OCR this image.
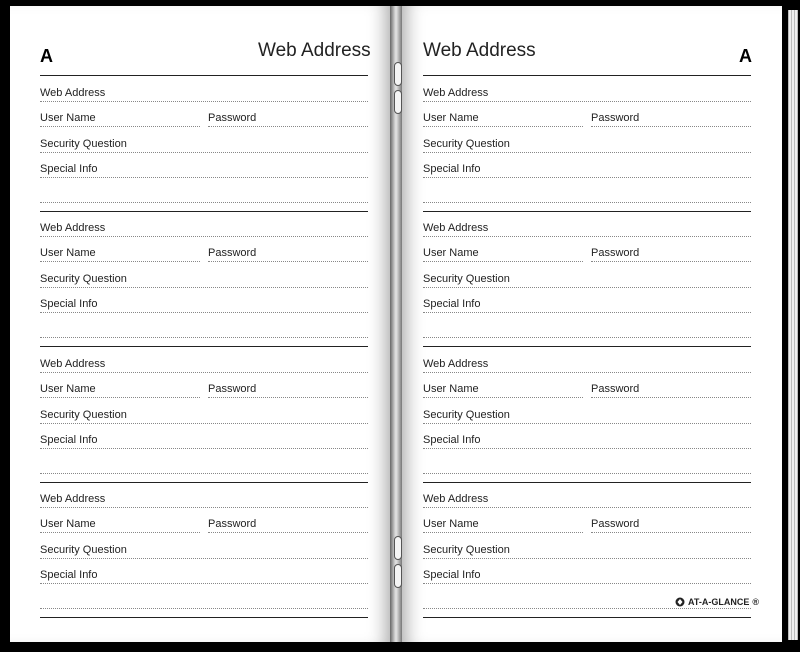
A	Web Address	Web Address	A
Web Address
User Name	Password
Security Question
Special Info
Web Address
User Name	Password
Security Question
Special Info
Web Address
User Name	Password
Security Question
Special Info
Web Address
User Name	Password
Security Question
Special Info
Web Address
User Name	Password
Security Question
Special Info
Web Address
User Name	Password
Security Question
Special Info
Web Address
User Name	Password
Security Question
Special Info
Web Address
User Name	Password
Security Question
Special Info
AT-A-GLANCE ®
